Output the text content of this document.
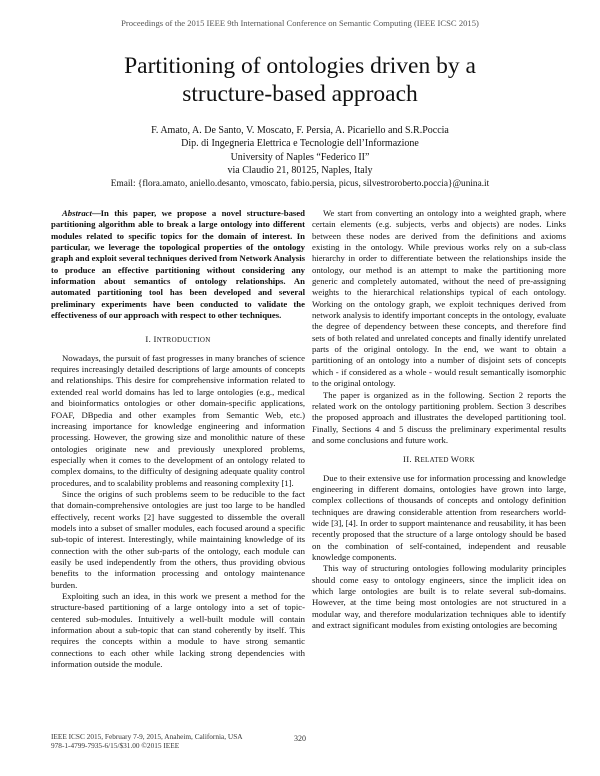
Proceedings of the 2015 IEEE 9th International Conference on Semantic Computing (IEEE ICSC 2015)
Partitioning of ontologies driven by a
structure-based approach
F. Amato, A. De Santo, V. Moscato, F. Persia, A. Picariello and S.R.Poccia
Dip. di Ingegneria Elettrica e Tecnologie dell’Informazione
University of Naples “Federico II”
via Claudio 21, 80125, Naples, Italy
Email: {flora.amato, aniello.desanto, vmoscato, fabio.persia, picus, silvestroroberto.poccia}@unina.it

Abstract—In this paper, we propose a novel structure-based partitioning algorithm able to break a large ontology into different modules related to specific topics for the domain of interest. In particular, we leverage the topological properties of the ontology graph and exploit several techniques derived from Network Analysis to produce an effective partitioning without considering any information about semantics of ontology relationships. An automated partitioning tool has been developed and several preliminary experiments have been conducted to validate the effectiveness of our approach with respect to other techniques.

I. INTRODUCTION

Nowadays, the pursuit of fast progresses in many branches of science requires increasingly detailed descriptions of large amounts of concepts and relationships. This desire for comprehensive information related to extended real world domains has led to large ontologies (e.g., medical and bioinformatics ontologies or other domain-specific applications, FOAF, DBpedia and other examples from Semantic Web, etc.) increasing importance for knowledge engineering and information processing. However, the growing size and monolithic nature of these ontologies originate new and previously unexplored problems, especially when it comes to the development of an ontology related to complex domains, to the difficulty of designing adequate quality control procedures, and to scalability problems and reasoning complexity [1].

Since the origins of such problems seem to be reducible to the fact that domain-comprehensive ontologies are just too large to be handled effectively, recent works [2] have suggested to dissemble the overall models into a subset of smaller modules, each focused around a specific sub-topic of interest. Interestingly, while maintaining knowledge of its connection with the other sub-parts of the ontology, each module can easily be used independently from the others, thus providing obvious benefits to the information processing and ontology maintenance burden.

Exploiting such an idea, in this work we present a method for the structure-based partitioning of a large ontology into a set of topic-centered sub-modules. Intuitively a well-built module will contain information about a sub-topic that can stand coherently by itself. This requires the concepts within a module to have strong semantic connections to each other while lacking strong dependencies with information outside the module.

We start from converting an ontology into a weighted graph, where certain elements (e.g. subjects, verbs and objects) are nodes. Links between these nodes are derived from the definitions and axioms existing in the ontology. While previous works rely on a sub-class hierarchy in order to differentiate between the relationships inside the ontology, our method is an attempt to make the partitioning more generic and completely automated, without the need of pre-assigning weights to the hierarchical relationships typical of each ontology. Working on the ontology graph, we exploit techniques derived from network analysis to identify important concepts in the ontology, evaluate the degree of dependency between these concepts, and therefore find sets of both related and unrelated concepts and finally identify unrelated parts of the original ontology. In the end, we want to obtain a partitioning of an ontology into a number of disjoint sets of concepts which - if considered as a whole - would result semantically isomorphic to the original ontology.

The paper is organized as in the following. Section 2 reports the related work on the ontology partitioning problem. Section 3 describes the proposed approach and illustrates the developed partitioning tool. Finally, Sections 4 and 5 discuss the preliminary experimental results and some conclusions and future work.

II. RELATED WORK

Due to their extensive use for information processing and knowledge engineering in different domains, ontologies have grown into large, complex collections of thousands of concepts and ontology definition techniques are drawing considerable attention from researchers world-wide [3], [4]. In order to support maintenance and reusability, it has been recently proposed that the structure of a large ontology should be based on the combination of self-contained, independent and reusable knowledge components.

This way of structuring ontologies following modularity principles should come easy to ontology engineers, since the implicit idea on which large ontologies are built is to relate several sub-domains. However, at the time being most ontologies are not structured in a modular way, and therefore modularization techniques able to identify and extract significant modules from existing ontologies are becoming

IEEE ICSC 2015, February 7-9, 2015, Anaheim, California, USA
978-1-4799-7935-6/15/$31.00 ©2015 IEEE
320
